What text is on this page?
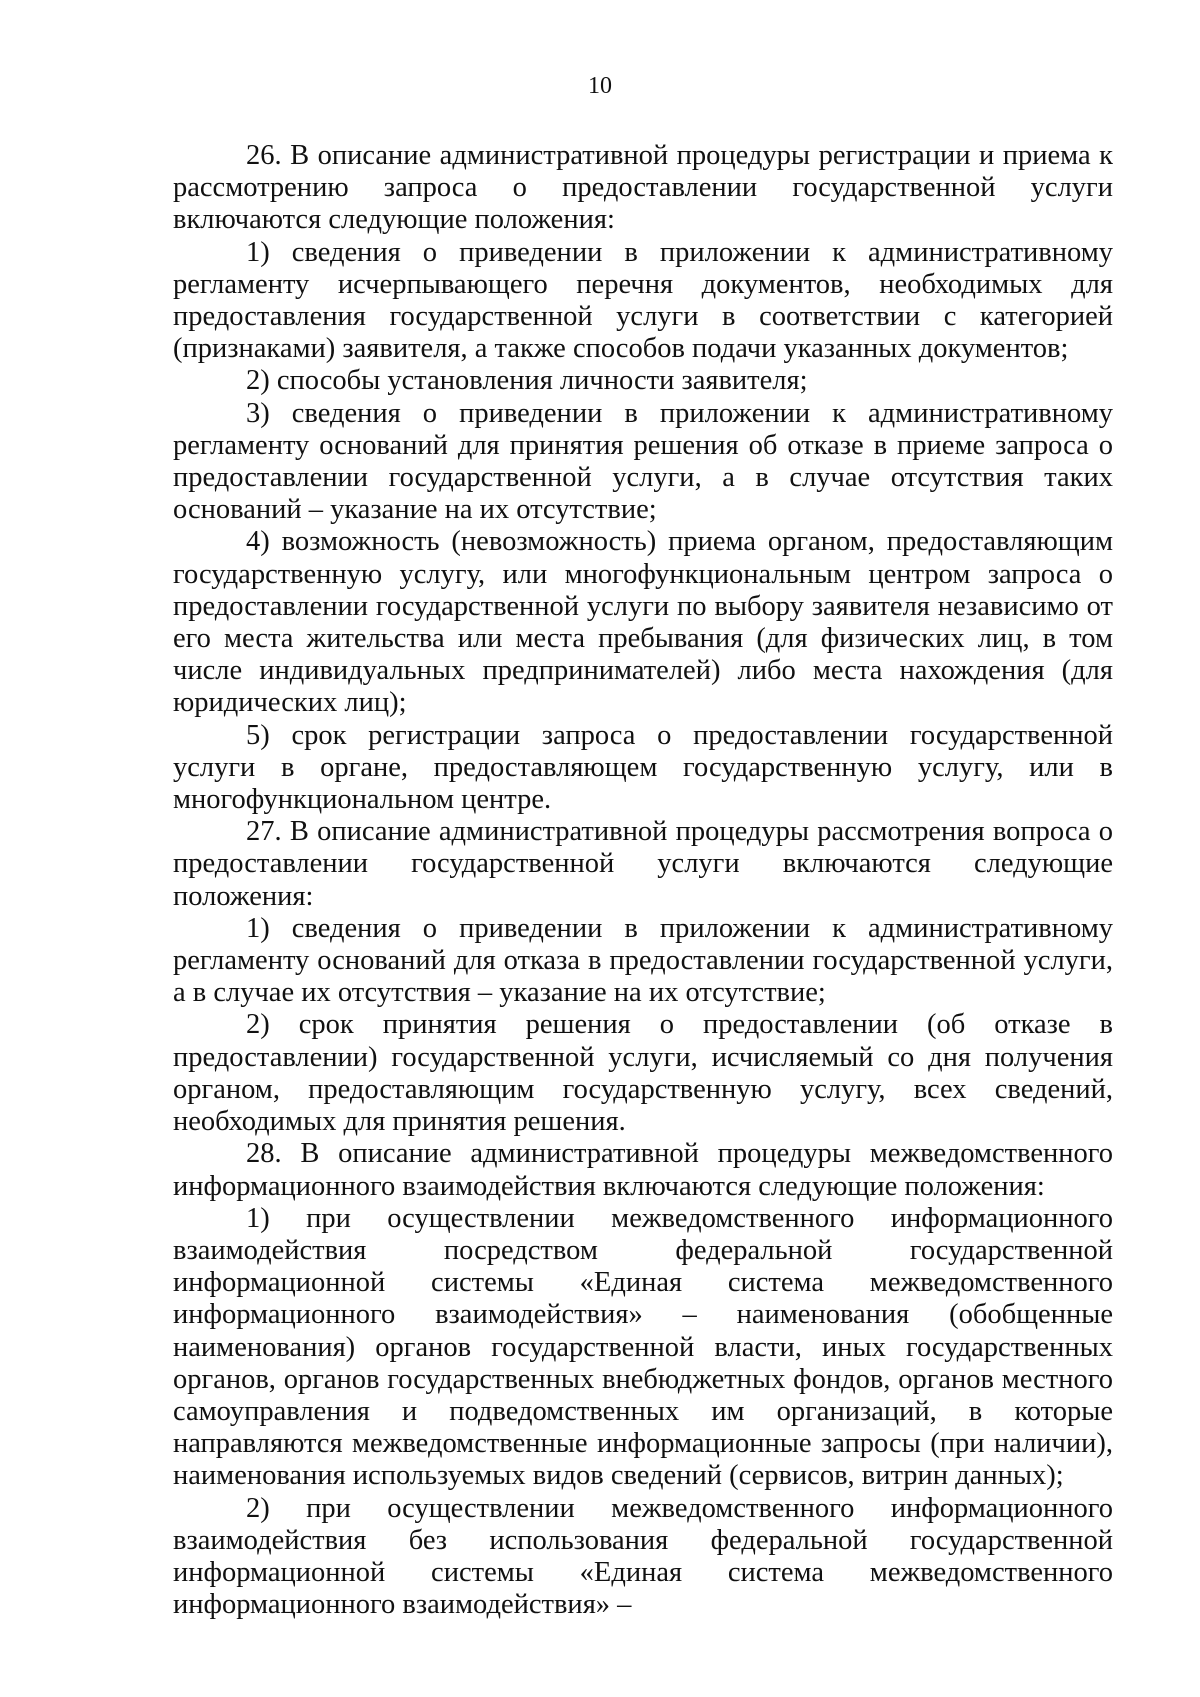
10

26. В описание административной процедуры регистрации и приема к рассмотрению запроса о предоставлении государственной услуги включаются следующие положения:

1) сведения о приведении в приложении к административному регламенту исчерпывающего перечня документов, необходимых для предоставления государственной услуги в соответствии с категорией (признаками) заявителя, а также способов подачи указанных документов;

2) способы установления личности заявителя;

3) сведения о приведении в приложении к административному регламенту оснований для принятия решения об отказе в приеме запроса о предоставлении государственной услуги, а в случае отсутствия таких оснований – указание на их отсутствие;

4) возможность (невозможность) приема органом, предоставляющим государственную услугу, или многофункциональным центром запроса о предоставлении государственной услуги по выбору заявителя независимо от его места жительства или места пребывания (для физических лиц, в том числе индивидуальных предпринимателей) либо места нахождения (для юридических лиц);

5) срок регистрации запроса о предоставлении государственной услуги в органе, предоставляющем государственную услугу, или в многофункциональном центре.

27. В описание административной процедуры рассмотрения вопроса о предоставлении государственной услуги включаются следующие положения:

1) сведения о приведении в приложении к административному регламенту оснований для отказа в предоставлении государственной услуги, а в случае их отсутствия – указание на их отсутствие;

2) срок принятия решения о предоставлении (об отказе в предоставлении) государственной услуги, исчисляемый со дня получения органом, предоставляющим государственную услугу, всех сведений, необходимых для принятия решения.

28. В описание административной процедуры межведомственного информационного взаимодействия включаются следующие положения:

1) при осуществлении межведомственного информационного взаимодействия посредством федеральной государственной информационной системы «Единая система межведомственного информационного взаимодействия» – наименования (обобщенные наименования) органов государственной власти, иных государственных органов, органов государственных внебюджетных фондов, органов местного самоуправления и подведомственных им организаций, в которые направляются межведомственные информационные запросы (при наличии), наименования используемых видов сведений (сервисов, витрин данных);

2) при осуществлении межведомственного информационного взаимодействия без использования федеральной государственной информационной системы «Единая система межведомственного информационного взаимодействия» –
